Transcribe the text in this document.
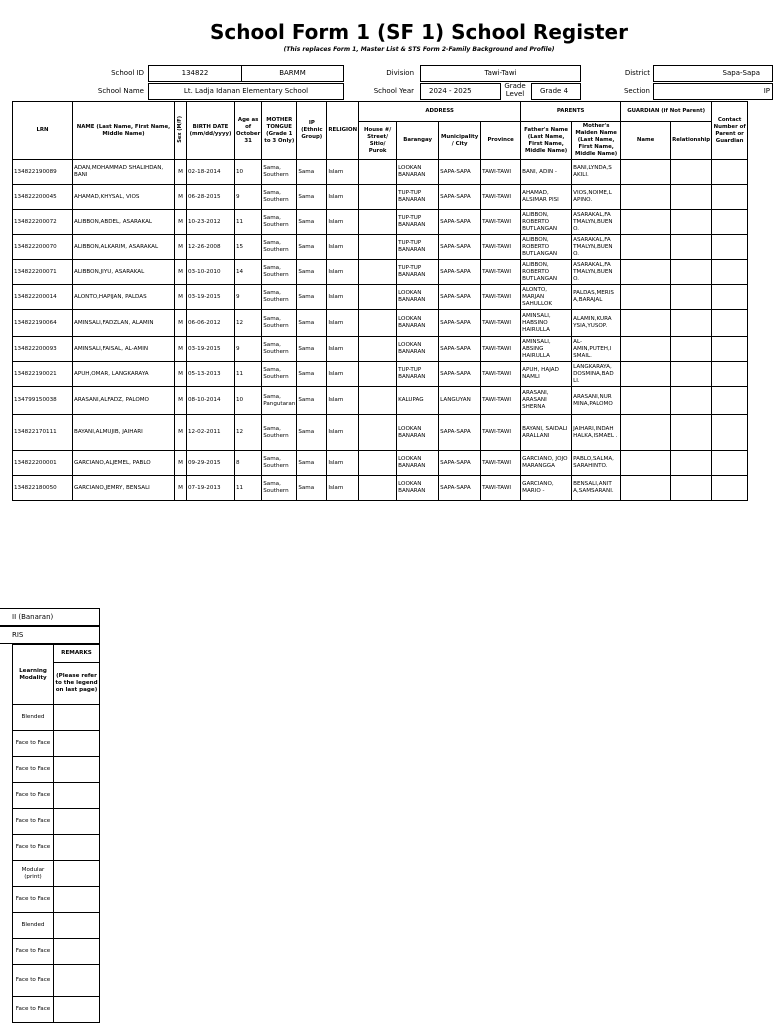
School Form 1 (SF 1) School Register
(This replaces Form 1, Master List & STS Form 2-Family Background and Profile)
School ID	134822	BARMM	Division	Tawi-Tawi	District	Sapa-Sapa
School Name	Lt. Ladja Idanan Elementary School	School Year	2024 - 2025
Grade Level	Grade 4	Section	IP
LRN	NAME (Last Name, First Name, Middle Name)	Sex (M/F)	BIRTH DATE (mm/dd/yyyy)	Age as of October 31	MOTHER TONGUE (Grade 1 to 3 Only)	IP (Ethnic Group)	RELIGION	ADDRESS				PARENTS		GUARDIAN (if Not Parent)		Contact Number of Parent or Guardian
								House #/ Street/ Sitio/ Purok	Barangay	Municipality / City	Province	Father's Name (Last Name, First Name, Middle Name)	Mother's Maiden Name (Last Name, First Name, Middle Name)	Name	Relationship	
134822190089	ADAN,MOHAMMAD SHALIHDAN, BANI	M	02-18-2014	10	Sama, Southern	Sama	Islam		LOOKAN BANARAN	SAPA-SAPA	TAWI-TAWI	BANI, ADIN -	BANI,LYNDA,S AKILI.			
134822200045	AHAMAD,KHYSAL, VIOS	M	06-28-2015	9	Sama, Southern	Sama	Islam		TUP-TUP BANARAN	SAPA-SAPA	TAWI-TAWI	AHAMAD, ALSIMAR PISI	VIOS,NOIME,L APINO.			
134822200072	ALIBBON,ABDEL, ASARAKAL	M	10-23-2012	11	Sama, Southern	Sama	Islam		TUP-TUP BANARAN	SAPA-SAPA	TAWI-TAWI	ALIBBON, ROBERTO BUTLANGAN	ASARAKAL,FA TMALYN,BUEN O.			
134822200070	ALIBBON,ALKARIM, ASARAKAL	M	12-26-2008	15	Sama, Southern	Sama	Islam		TUP-TUP BANARAN	SAPA-SAPA	TAWI-TAWI	ALIBBON, ROBERTO BUTLANGAN	ASARAKAL,FA TMALYN,BUEN O.			
134822200071	ALIBBON,JIYU, ASARAKAL	M	03-10-2010	14	Sama, Southern	Sama	Islam		TUP-TUP BANARAN	SAPA-SAPA	TAWI-TAWI	ALIBBON, ROBERTO BUTLANGAN	ASARAKAL,FA TMALYN,BUEN O.			
134822200014	ALONTO,HAPIJAN, PALDAS	M	03-19-2015	9	Sama, Southern	Sama	Islam		LOOKAN BANARAN	SAPA-SAPA	TAWI-TAWI	ALONTO, MARJAN SAHULLOK	PALDAS,MERIS A,BARAJAL			
134822190064	AMINSALI,FADZLAN, ALAMIN	M	06-06-2012	12	Sama, Southern	Sama	Islam		LOOKAN BANARAN	SAPA-SAPA	TAWI-TAWI	AMINSALI, HABSINO HAIRULLA	ALAMIN,KURA YSIA,YUSOP.			
134822200093	AMINSALI,FAISAL, AL-AMIN	M	03-19-2015	9	Sama, Southern	Sama	Islam		LOOKAN BANARAN	SAPA-SAPA	TAWI-TAWI	AMINSALI, ABSING HAIRULLA	AL-AMIN,PUTEH,I SMAIL.			
134822190021	APUH,OMAR, LANGKARAYA	M	05-13-2013	11	Sama, Southern	Sama	Islam		TUP-TUP BANARAN	SAPA-SAPA	TAWI-TAWI	APUH, HAJAD NAMLI	LANGKARAYA, DOSMINA,BAD LI.			
134799150038	ARASANI,ALFADZ, PALOMO	M	08-10-2014	10	Sama, Pangutaran	Sama	Islam		KALUPAG	LANGUYAN	TAWI-TAWI	ARASANI, ARASANI SHERNA	ARASANI,NUR MINA,PALOMO			
134822170111	BAYANI,ALMUJIB, JAIHARI	M	12-02-2011	12	Sama, Southern	Sama	Islam		LOOKAN BANARAN	SAPA-SAPA	TAWI-TAWI	BAYANI, SAIDALI ARALLANI	JAIHARI,INDAH HALKA,ISMAEL .			
134822200001	GARCIANO,ALJEMEL, PABLO	M	09-29-2015	8	Sama, Southern	Sama	Islam		LOOKAN BANARAN	SAPA-SAPA	TAWI-TAWI	GARCIANO, JOJO MARANGGA	PABLO,SALMA, SARAHINTO.			
134822180050	GARCIANO,JEMRY, BENSALI	M	07-19-2013	11	Sama, Southern	Sama	Islam		LOOKAN BANARAN	SAPA-SAPA	TAWI-TAWI	GARCIANO, MARIO -	BENSALI,ANIT A,SAMSARANI.			
II (Banaran)
RIS
Learning Modality	REMARKS
	(Please refer to the legend on last page)
Blended	
Face to Face	
Face to Face	
Face to Face	
Face to Face	
Face to Face	
Modular (print)	
Face to Face	
Blended	
Face to Face	
Face to Face	
Face to Face	
